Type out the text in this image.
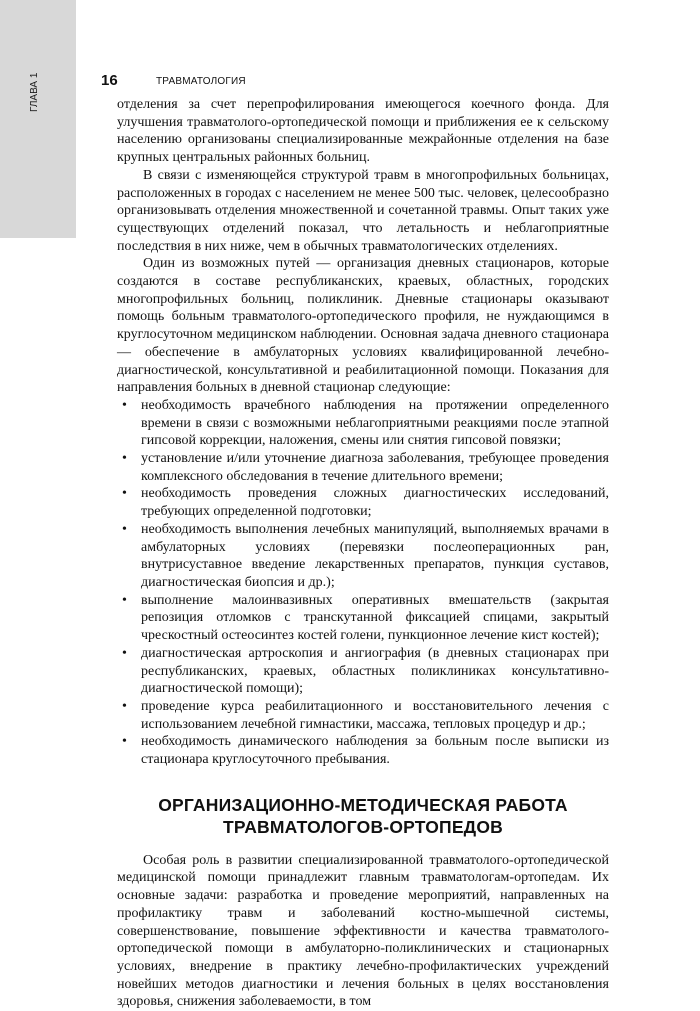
ГЛАВА 1	16	ТРАВМАТОЛОГИЯ

отделения за счет перепрофилирования имеющегося коечного фонда. Для улучшения травматолого-ортопедической помощи и приближения ее к сельскому населению организованы специализированные межрайонные отделения на базе крупных центральных районных больниц.

В связи с изменяющейся структурой травм в многопрофильных больницах, расположенных в городах с населением не менее 500 тыс. человек, целесообразно организовывать отделения множественной и сочетанной травмы. Опыт таких уже существующих отделений показал, что летальность и неблагоприятные последствия в них ниже, чем в обычных травматологических отделениях.

Один из возможных путей — организация дневных стационаров, которые создаются в составе республиканских, краевых, областных, городских многопрофильных больниц, поликлиник. Дневные стационары оказывают помощь больным травматолого-ортопедического профиля, не нуждающимся в круглосуточном медицинском наблюдении. Основная задача дневного стационара — обеспечение в амбулаторных условиях квалифицированной лечебно-диагностической, консультативной и реабилитационной помощи. Показания для направления больных в дневной стационар следующие:

• необходимость врачебного наблюдения на протяжении определенного времени в связи с возможными неблагоприятными реакциями после этапной гипсовой коррекции, наложения, смены или снятия гипсовой повязки;
• установление и/или уточнение диагноза заболевания, требующее проведения комплексного обследования в течение длительного времени;
• необходимость проведения сложных диагностических исследований, требующих определенной подготовки;
• необходимость выполнения лечебных манипуляций, выполняемых врачами в амбулаторных условиях (перевязки послеоперационных ран, внутрисуставное введение лекарственных препаратов, пункция суставов, диагностическая биопсия и др.);
• выполнение малоинвазивных оперативных вмешательств (закрытая репозиция отломков с транскутанной фиксацией спицами, закрытый чрескостный остеосинтез костей голени, пункционное лечение кист костей);
• диагностическая артроскопия и ангиография (в дневных стационарах при республиканских, краевых, областных поликлиниках консультативно-диагностической помощи);
• проведение курса реабилитационного и восстановительного лечения с использованием лечебной гимнастики, массажа, тепловых процедур и др.;
• необходимость динамического наблюдения за больным после выписки из стационара круглосуточного пребывания.
ОРГАНИЗАЦИОННО-МЕТОДИЧЕСКАЯ РАБОТА
ТРАВМАТОЛОГОВ-ОРТОПЕДОВ

Особая роль в развитии специализированной травматолого-ортопедической медицинской помощи принадлежит главным травматологам-ортопедам. Их основные задачи: разработка и проведение мероприятий, направленных на профилактику травм и заболеваний костно-мышечной системы, совершенствование, повышение эффективности и качества травматолого-ортопедической помощи в амбулаторно-поликлинических и стационарных условиях, внедрение в практику лечебно-профилактических учреждений новейших методов диагностики и лечения больных в целях восстановления здоровья, снижения заболеваемости, в том
